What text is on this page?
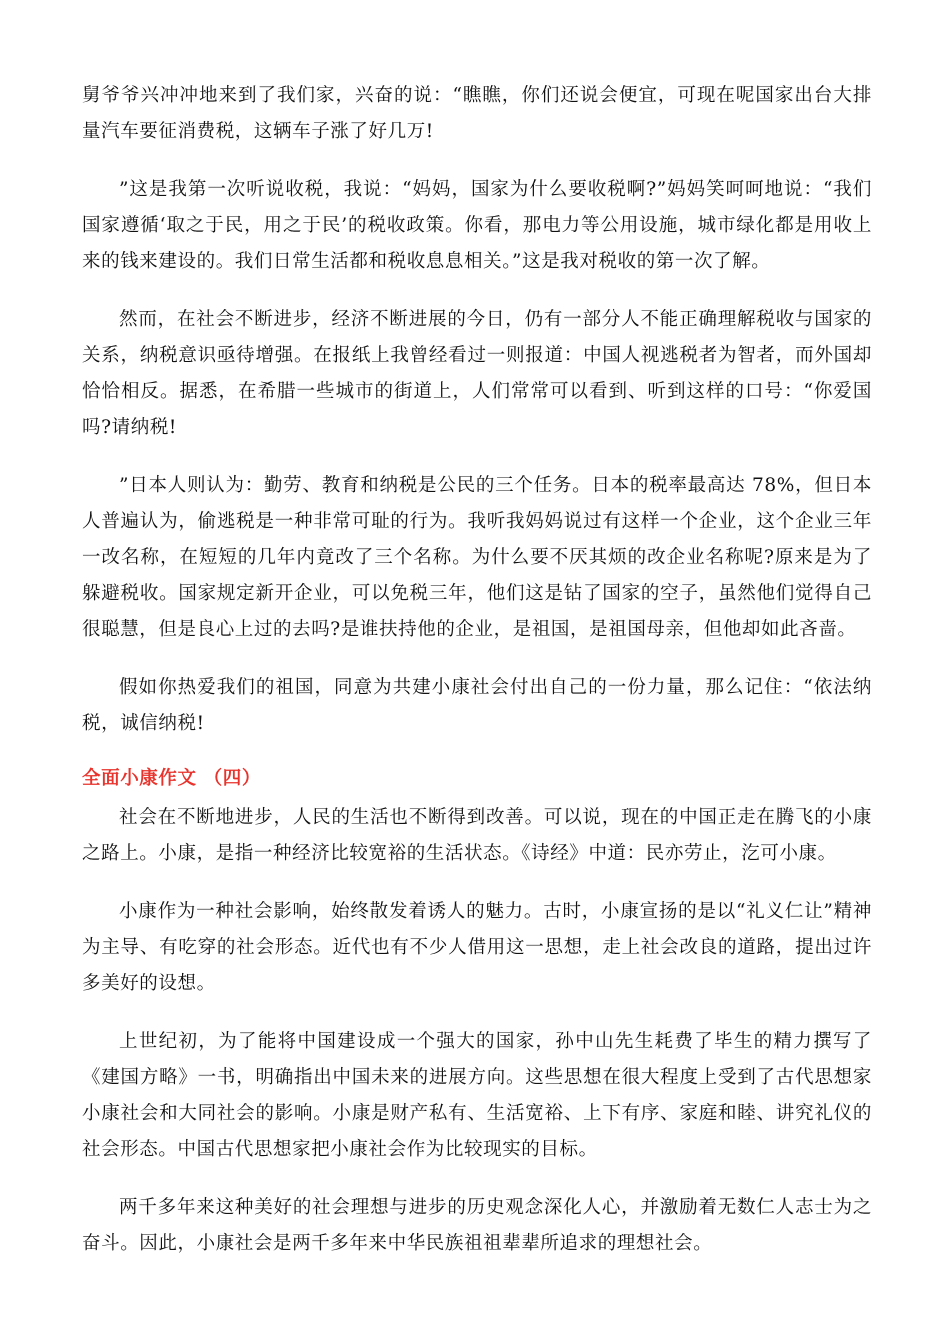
舅爷爷兴冲冲地来到了我们家，兴奋的说：“瞧瞧，你们还说会便宜，可现在呢国家出台大排量汽车要征消费税，这辆车子涨了好几万!

”这是我第一次听说收税，我说：“妈妈，国家为什么要收税啊?”妈妈笑呵呵地说：“我们国家遵循‘取之于民，用之于民’的税收政策。你看，那电力等公用设施，城市绿化都是用收上来的钱来建设的。我们日常生活都和税收息息相关。”这是我对税收的第一次了解。

然而，在社会不断进步，经济不断进展的今日，仍有一部分人不能正确理解税收与国家的关系，纳税意识亟待增强。在报纸上我曾经看过一则报道：中国人视逃税者为智者，而外国却恰恰相反。据悉，在希腊一些城市的街道上，人们常常可以看到、听到这样的口号：“你爱国吗?请纳税!

”日本人则认为：勤劳、教育和纳税是公民的三个任务。日本的税率最高达 78%，但日本人普遍认为，偷逃税是一种非常可耻的行为。我听我妈妈说过有这样一个企业，这个企业三年一改名称，在短短的几年内竟改了三个名称。为什么要不厌其烦的改企业名称呢?原来是为了躲避税收。国家规定新开企业，可以免税三年，他们这是钻了国家的空子，虽然他们觉得自己很聪慧，但是良心上过的去吗?是谁扶持他的企业，是祖国，是祖国母亲，但他却如此吝啬。

假如你热爱我们的祖国，同意为共建小康社会付出自己的一份力量，那么记住：“依法纳税，诚信纳税!

全面小康作文 （四）

社会在不断地进步，人民的生活也不断得到改善。可以说，现在的中国正走在腾飞的小康之路上。小康，是指一种经济比较宽裕的生活状态。《诗经》中道：民亦劳止，汔可小康。

小康作为一种社会影响，始终散发着诱人的魅力。古时，小康宣扬的是以“礼义仁让”精神为主导、有吃穿的社会形态。近代也有不少人借用这一思想，走上社会改良的道路，提出过许多美好的设想。

上世纪初，为了能将中国建设成一个强大的国家，孙中山先生耗费了毕生的精力撰写了《建国方略》一书，明确指出中国未来的进展方向。这些思想在很大程度上受到了古代思想家小康社会和大同社会的影响。小康是财产私有、生活宽裕、上下有序、家庭和睦、讲究礼仪的社会形态。中国古代思想家把小康社会作为比较现实的目标。

两千多年来这种美好的社会理想与进步的历史观念深化人心，并激励着无数仁人志士为之奋斗。因此，小康社会是两千多年来中华民族祖祖辈辈所追求的理想社会。
